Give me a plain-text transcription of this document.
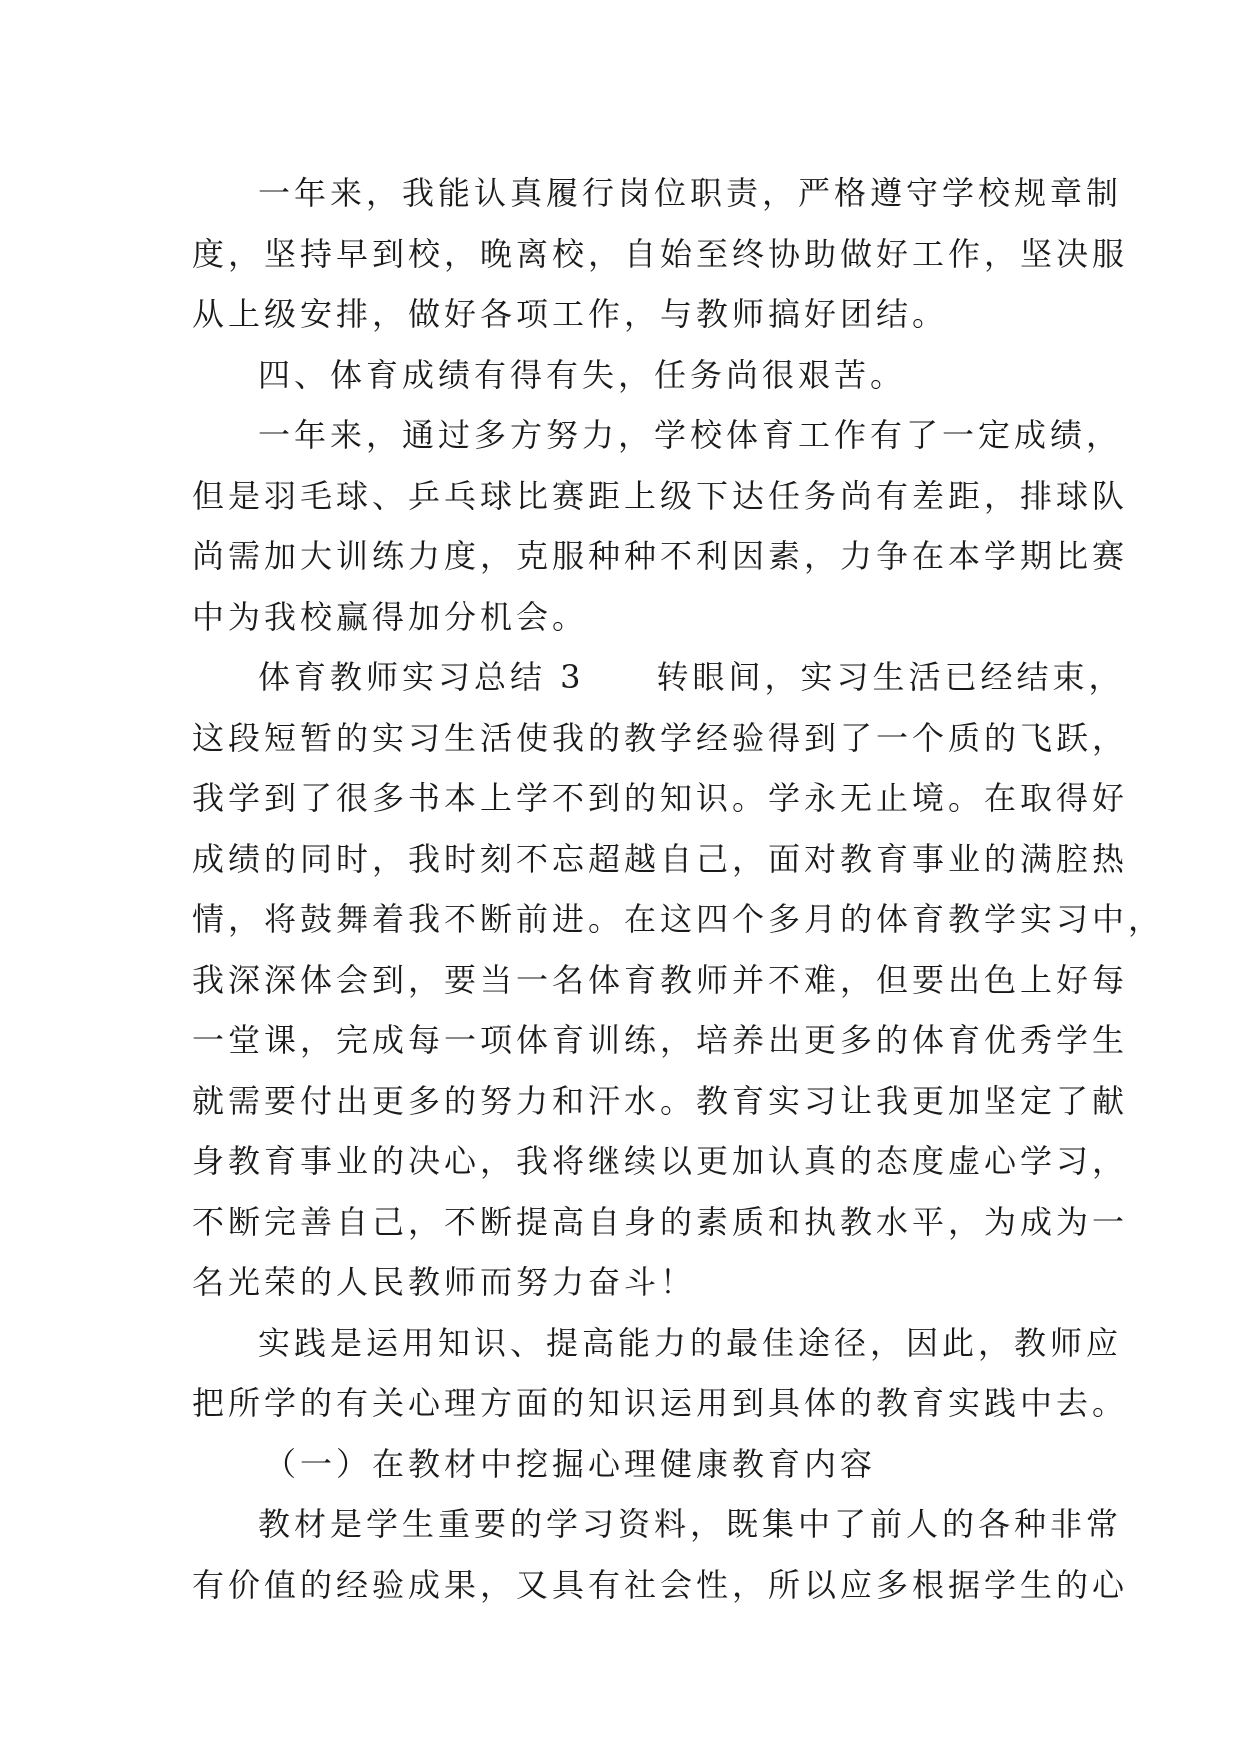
一年来，我能认真履行岗位职责，严格遵守学校规章制
度，坚持早到校，晚离校，自始至终协助做好工作，坚决服
从上级安排，做好各项工作，与教师搞好团结。
四、体育成绩有得有失，任务尚很艰苦。
一年来，通过多方努力，学校体育工作有了一定成绩，
但是羽毛球、乒乓球比赛距上级下达任务尚有差距，排球队
尚需加大训练力度，克服种种不利因素，力争在本学期比赛
中为我校赢得加分机会。
体育教师实习总结 3　　转眼间，实习生活已经结束，
这段短暂的实习生活使我的教学经验得到了一个质的飞跃，
我学到了很多书本上学不到的知识。学永无止境。在取得好
成绩的同时，我时刻不忘超越自己，面对教育事业的满腔热
情，将鼓舞着我不断前进。在这四个多月的体育教学实习中，
我深深体会到，要当一名体育教师并不难，但要出色上好每
一堂课，完成每一项体育训练，培养出更多的体育优秀学生
就需要付出更多的努力和汗水。教育实习让我更加坚定了献
身教育事业的决心，我将继续以更加认真的态度虚心学习，
不断完善自己，不断提高自身的素质和执教水平，为成为一
名光荣的人民教师而努力奋斗！
实践是运用知识、提高能力的最佳途径，因此，教师应
把所学的有关心理方面的知识运用到具体的教育实践中去。
（一）在教材中挖掘心理健康教育内容
教材是学生重要的学习资料，既集中了前人的各种非常
有价值的经验成果，又具有社会性，所以应多根据学生的心
